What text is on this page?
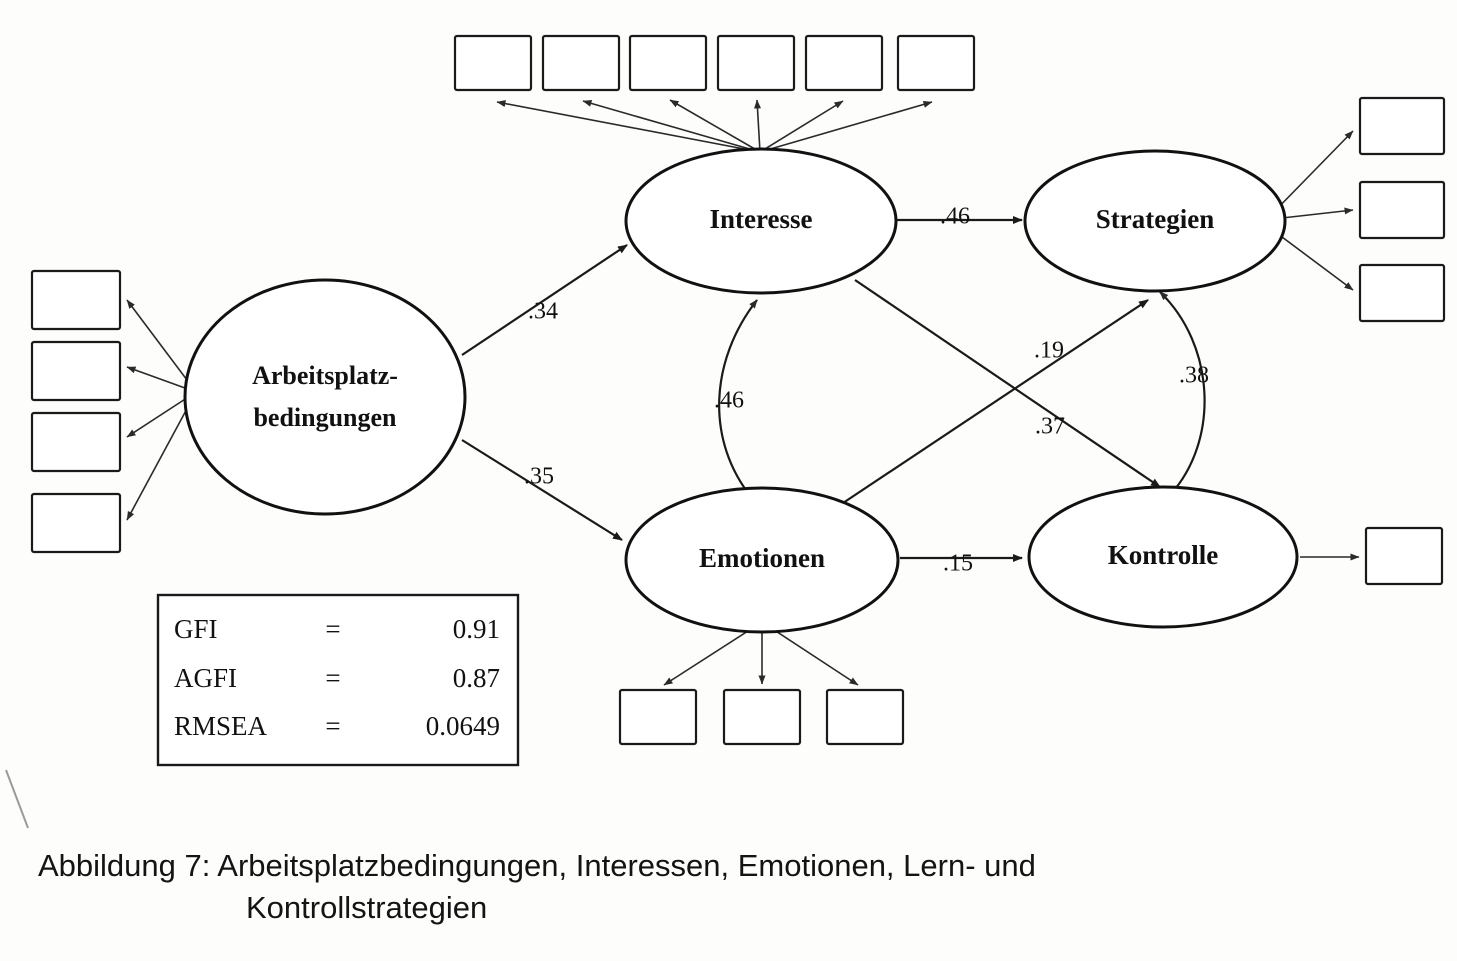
Arbeitsplatz-
bedingungen
Interesse
Emotionen
Strategien
Kontrolle
.34
.35
.46
.37
.19
.15
.46
.38
GFI	=	0.91
AGFI	=	0.87
RMSEA =	0.0649
Abbildung 7: Arbeitsplatzbedingungen, Interessen, Emotionen, Lern- und
Kontrollstrategien
